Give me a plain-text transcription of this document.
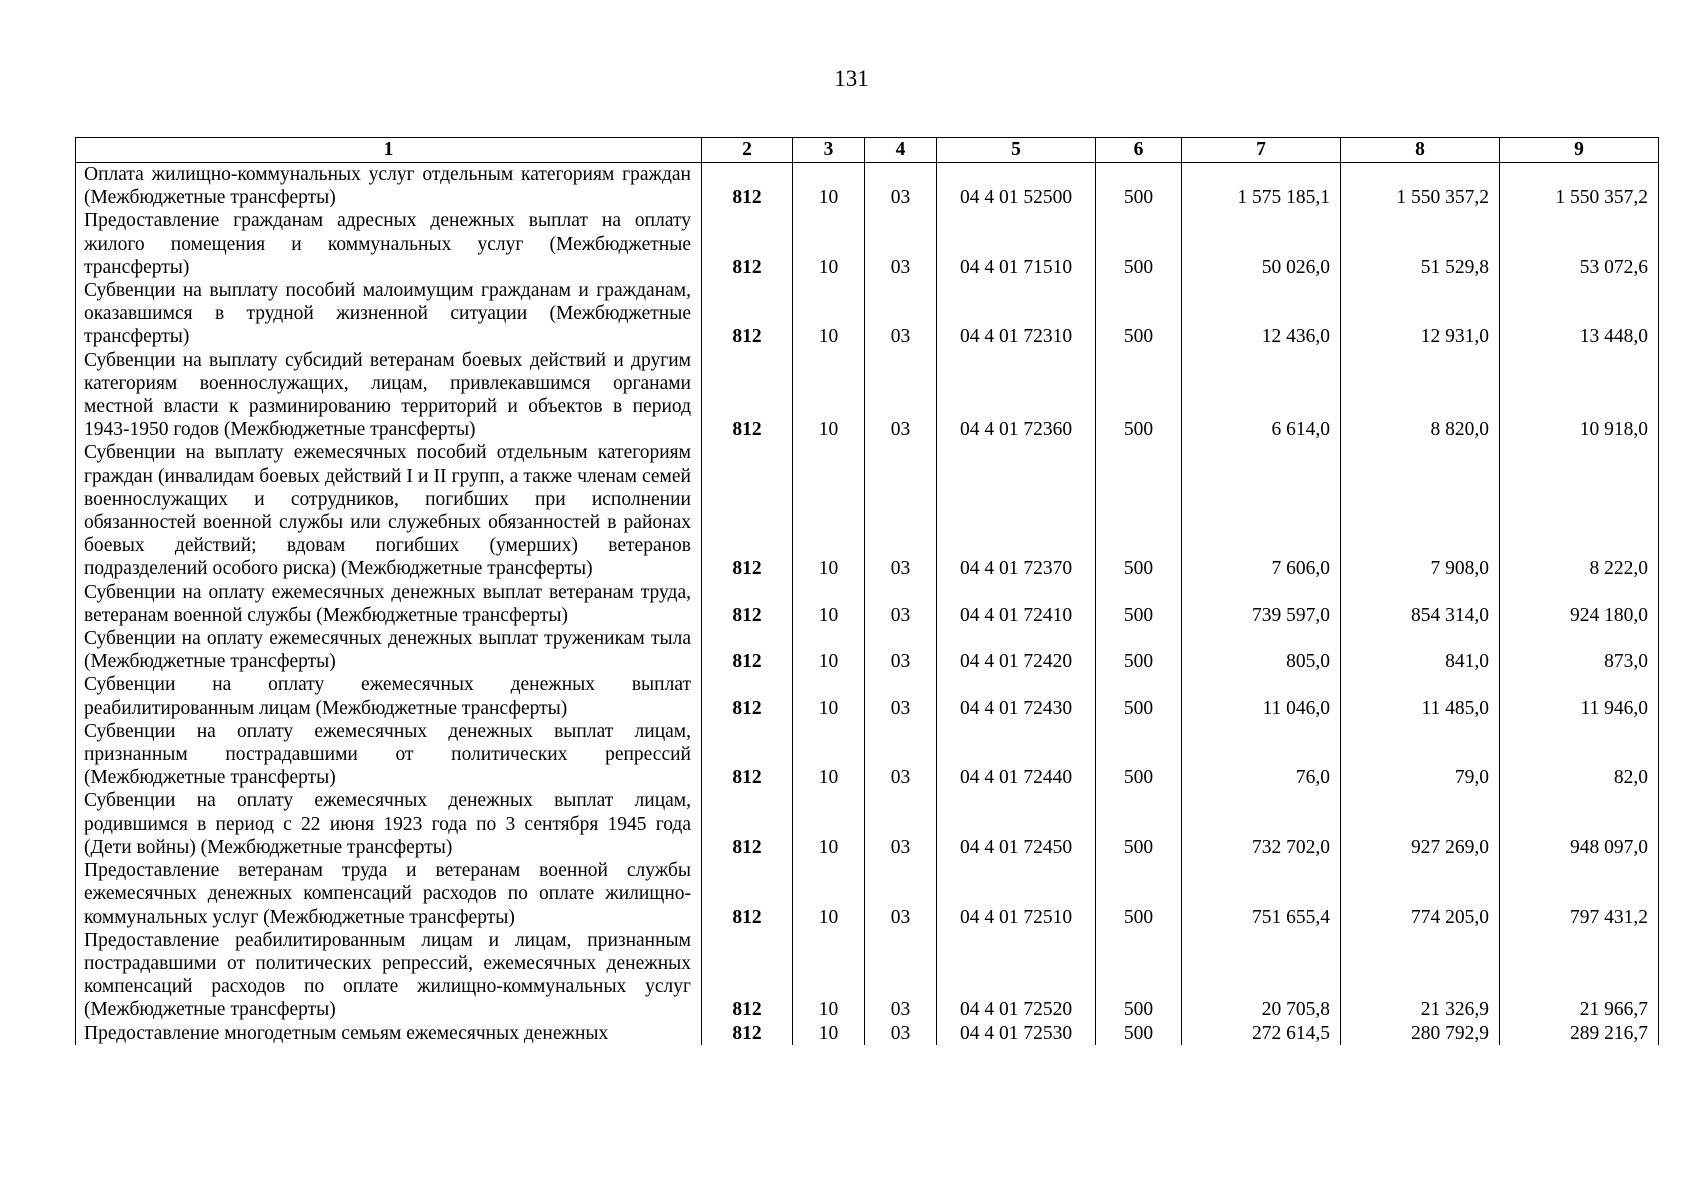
131
1	2	3	4	5	6	7	8	9
Оплата жилищно-коммунальных услуг отдельным категориям граждан (Межбюджетные трансферты)	812	10	03	04 4 01 52500	500	1 575 185,1	1 550 357,2	1 550 357,2
Предоставление гражданам адресных денежных выплат на оплату жилого помещения и коммунальных услуг (Межбюджетные трансферты)	812	10	03	04 4 01 71510	500	50 026,0	51 529,8	53 072,6
Субвенции на выплату пособий малоимущим гражданам и гражданам, оказавшимся в трудной жизненной ситуации (Межбюджетные трансферты)	812	10	03	04 4 01 72310	500	12 436,0	12 931,0	13 448,0
Субвенции на выплату субсидий ветеранам боевых действий и другим категориям военнослужащих, лицам, привлекавшимся органами местной власти к разминированию территорий и объектов в период 1943-1950 годов (Межбюджетные трансферты)	812	10	03	04 4 01 72360	500	6 614,0	8 820,0	10 918,0
Субвенции на выплату ежемесячных пособий отдельным категориям граждан (инвалидам боевых действий I и II групп, а также членам семей военнослужащих и сотрудников, погибших при исполнении обязанностей военной службы или служебных обязанностей в районах боевых действий; вдовам погибших (умерших) ветеранов подразделений особого риска) (Межбюджетные трансферты)	812	10	03	04 4 01 72370	500	7 606,0	7 908,0	8 222,0
Субвенции на оплату ежемесячных денежных выплат ветеранам труда, ветеранам военной службы (Межбюджетные трансферты)	812	10	03	04 4 01 72410	500	739 597,0	854 314,0	924 180,0
Субвенции на оплату ежемесячных денежных выплат труженикам тыла (Межбюджетные трансферты)	812	10	03	04 4 01 72420	500	805,0	841,0	873,0
Субвенции на оплату ежемесячных денежных выплат реабилитированным лицам (Межбюджетные трансферты)	812	10	03	04 4 01 72430	500	11 046,0	11 485,0	11 946,0
Субвенции на оплату ежемесячных денежных выплат лицам, признанным пострадавшими от политических репрессий (Межбюджетные трансферты)	812	10	03	04 4 01 72440	500	76,0	79,0	82,0
Субвенции на оплату ежемесячных денежных выплат лицам, родившимся в период с 22 июня 1923 года по 3 сентября 1945 года (Дети войны) (Межбюджетные трансферты)	812	10	03	04 4 01 72450	500	732 702,0	927 269,0	948 097,0
Предоставление ветеранам труда и ветеранам военной службы ежемесячных денежных компенсаций расходов по оплате жилищно-коммунальных услуг (Межбюджетные трансферты)	812	10	03	04 4 01 72510	500	751 655,4	774 205,0	797 431,2
Предоставление реабилитированным лицам и лицам, признанным пострадавшими от политических репрессий, ежемесячных денежных компенсаций расходов по оплате жилищно-коммунальных услуг (Межбюджетные трансферты)	812	10	03	04 4 01 72520	500	20 705,8	21 326,9	21 966,7
Предоставление многодетным семьям ежемесячных денежных	812	10	03	04 4 01 72530	500	272 614,5	280 792,9	289 216,7
